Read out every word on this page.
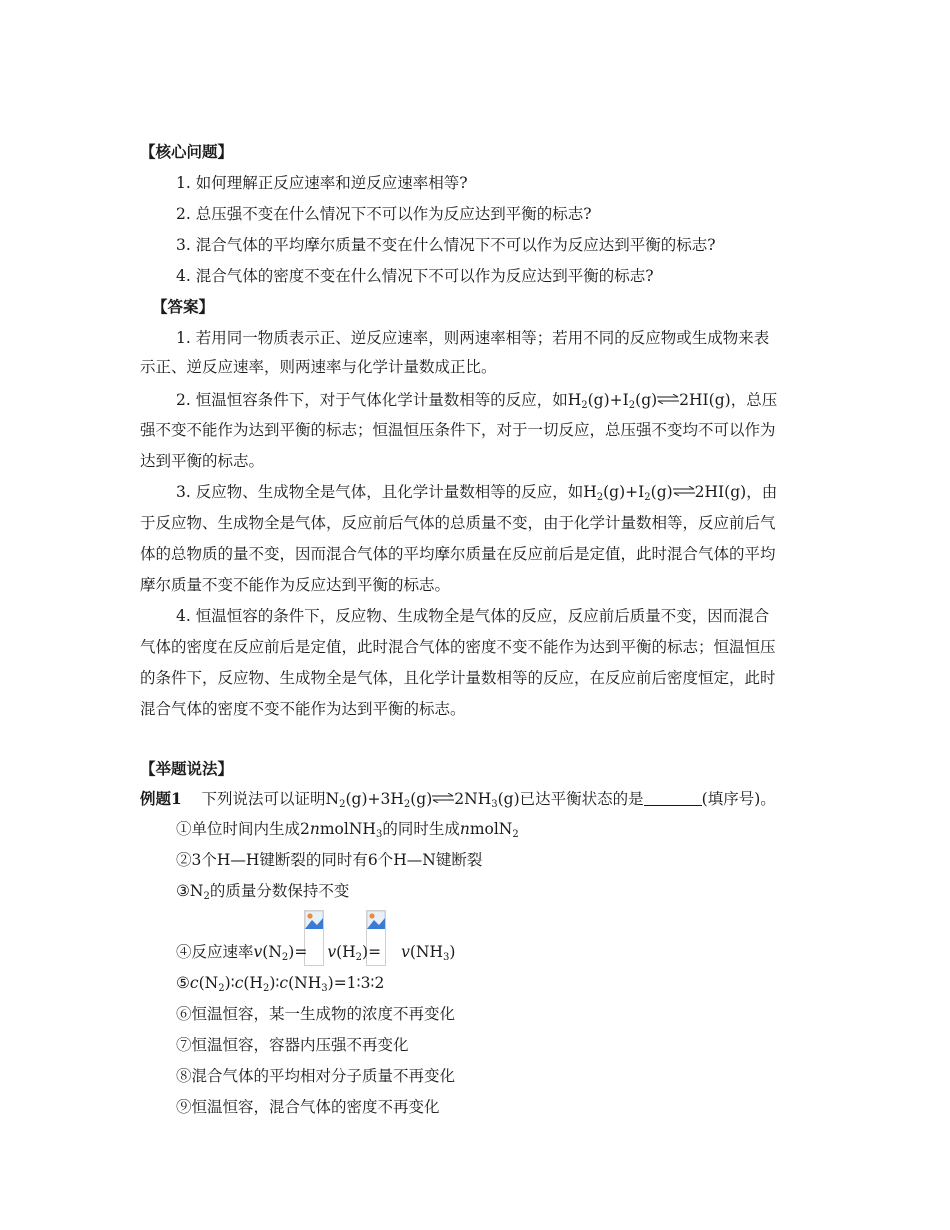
【核心问题】
1. 如何理解正反应速率和逆反应速率相等?
2. 总压强不变在什么情况下不可以作为反应达到平衡的标志?
3. 混合气体的平均摩尔质量不变在什么情况下不可以作为反应达到平衡的标志?
4. 混合气体的密度不变在什么情况下不可以作为反应达到平衡的标志?
【答案】
1. 若用同一物质表示正、逆反应速率，则两速率相等；若用不同的反应物或生成物来表
示正、逆反应速率，则两速率与化学计量数成正比。
2. 恒温恒容条件下，对于气体化学计量数相等的反应，如$H_2(g)+I_2(g)\rightleftharpoons 2HI(g)$，总压
强不变不能作为达到平衡的标志；恒温恒压条件下，对于一切反应，总压强不变均不可以作为
达到平衡的标志。
3. 反应物、生成物全是气体，且化学计量数相等的反应，如$H_2(g)+I_2(g)\rightleftharpoons 2HI(g)$，由
于反应物、生成物全是气体，反应前后气体的总质量不变，由于化学计量数相等，反应前后气
体的总物质的量不变，因而混合气体的平均摩尔质量在反应前后是定值，此时混合气体的平均
摩尔质量不变不能作为反应达到平衡的标志。
4. 恒温恒容的条件下，反应物、生成物全是气体的反应，反应前后质量不变，因而混合
气体的密度在反应前后是定值，此时混合气体的密度不变不能作为达到平衡的标志；恒温恒压
的条件下，反应物、生成物全是气体，且化学计量数相等的反应，在反应前后密度恒定，此时
混合气体的密度不变不能作为达到平衡的标志。
【举题说法】
例题1 下列说法可以证明$N_2(g)+3H_2(g)\rightleftharpoons 2NH_3(g)$已达平衡状态的是	(填序号)。
①单位时间内生成2nmolNH$_3$的同时生成nmolN$_2$
②3个H—H键断裂的同时有6个H—N键断裂
$③N_2$的质量分数保持不变
④反应速率$v(N_2)= v(H_2)= v(NH_3)$
$⑤c(N_2)∶c(H_2)∶c(NH_3)=1∶3∶2$
⑥恒温恒容，某一生成物的浓度不再变化
⑦恒温恒容，容器内压强不再变化
⑧混合气体的平均相对分子质量不再变化
⑨恒温恒容，混合气体的密度不再变化
